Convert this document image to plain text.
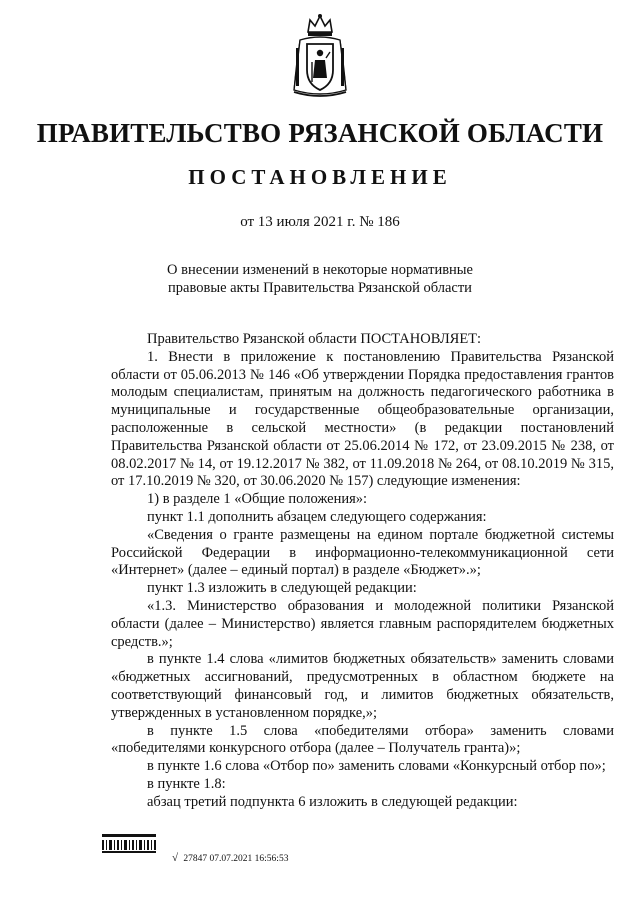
ПРАВИТЕЛЬСТВО РЯЗАНСКОЙ ОБЛАСТИ
ПОСТАНОВЛЕНИЕ
от 13 июля 2021 г. № 186
О внесении изменений в некоторые нормативные
правовые акты Правительства Рязанской области

Правительство Рязанской области ПОСТАНОВЛЯЕТ:

1. Внести в приложение к постановлению Правительства Рязанской области от 05.06.2013 № 146 «Об утверждении Порядка предоставления грантов молодым специалистам, принятым на должность педагогического работника в муниципальные и государственные общеобразовательные организации, расположенные в сельской местности» (в редакции постановлений Правительства Рязанской области от 25.06.2014 № 172, от 23.09.2015 № 238, от 08.02.2017 № 14, от 19.12.2017 № 382, от 11.09.2018 № 264, от 08.10.2019 № 315, от 17.10.2019 № 320, от 30.06.2020 № 157) следующие изменения:

1) в разделе 1 «Общие положения»:

пункт 1.1 дополнить абзацем следующего содержания:

«Сведения о гранте размещены на едином портале бюджетной системы Российской Федерации в информационно-телекоммуникационной сети «Интернет» (далее – единый портал) в разделе «Бюджет».»;

пункт 1.3 изложить в следующей редакции:

«1.3. Министерство образования и молодежной политики Рязанской области (далее – Министерство) является главным распорядителем бюджетных средств.»;

в пункте 1.4 слова «лимитов бюджетных обязательств» заменить словами «бюджетных ассигнований, предусмотренных в областном бюджете на соответствующий финансовый год, и лимитов бюджетных обязательств, утвержденных в установленном порядке,»;

в пункте 1.5 слова «победителями отбора» заменить словами «победителями конкурсного отбора (далее – Получатель гранта)»;

в пункте 1.6 слова «Отбор по» заменить словами «Конкурсный отбор по»;

в пункте 1.8:

абзац третий подпункта 6 изложить в следующей редакции:

√ 27847 07.07.2021 16:56:53
